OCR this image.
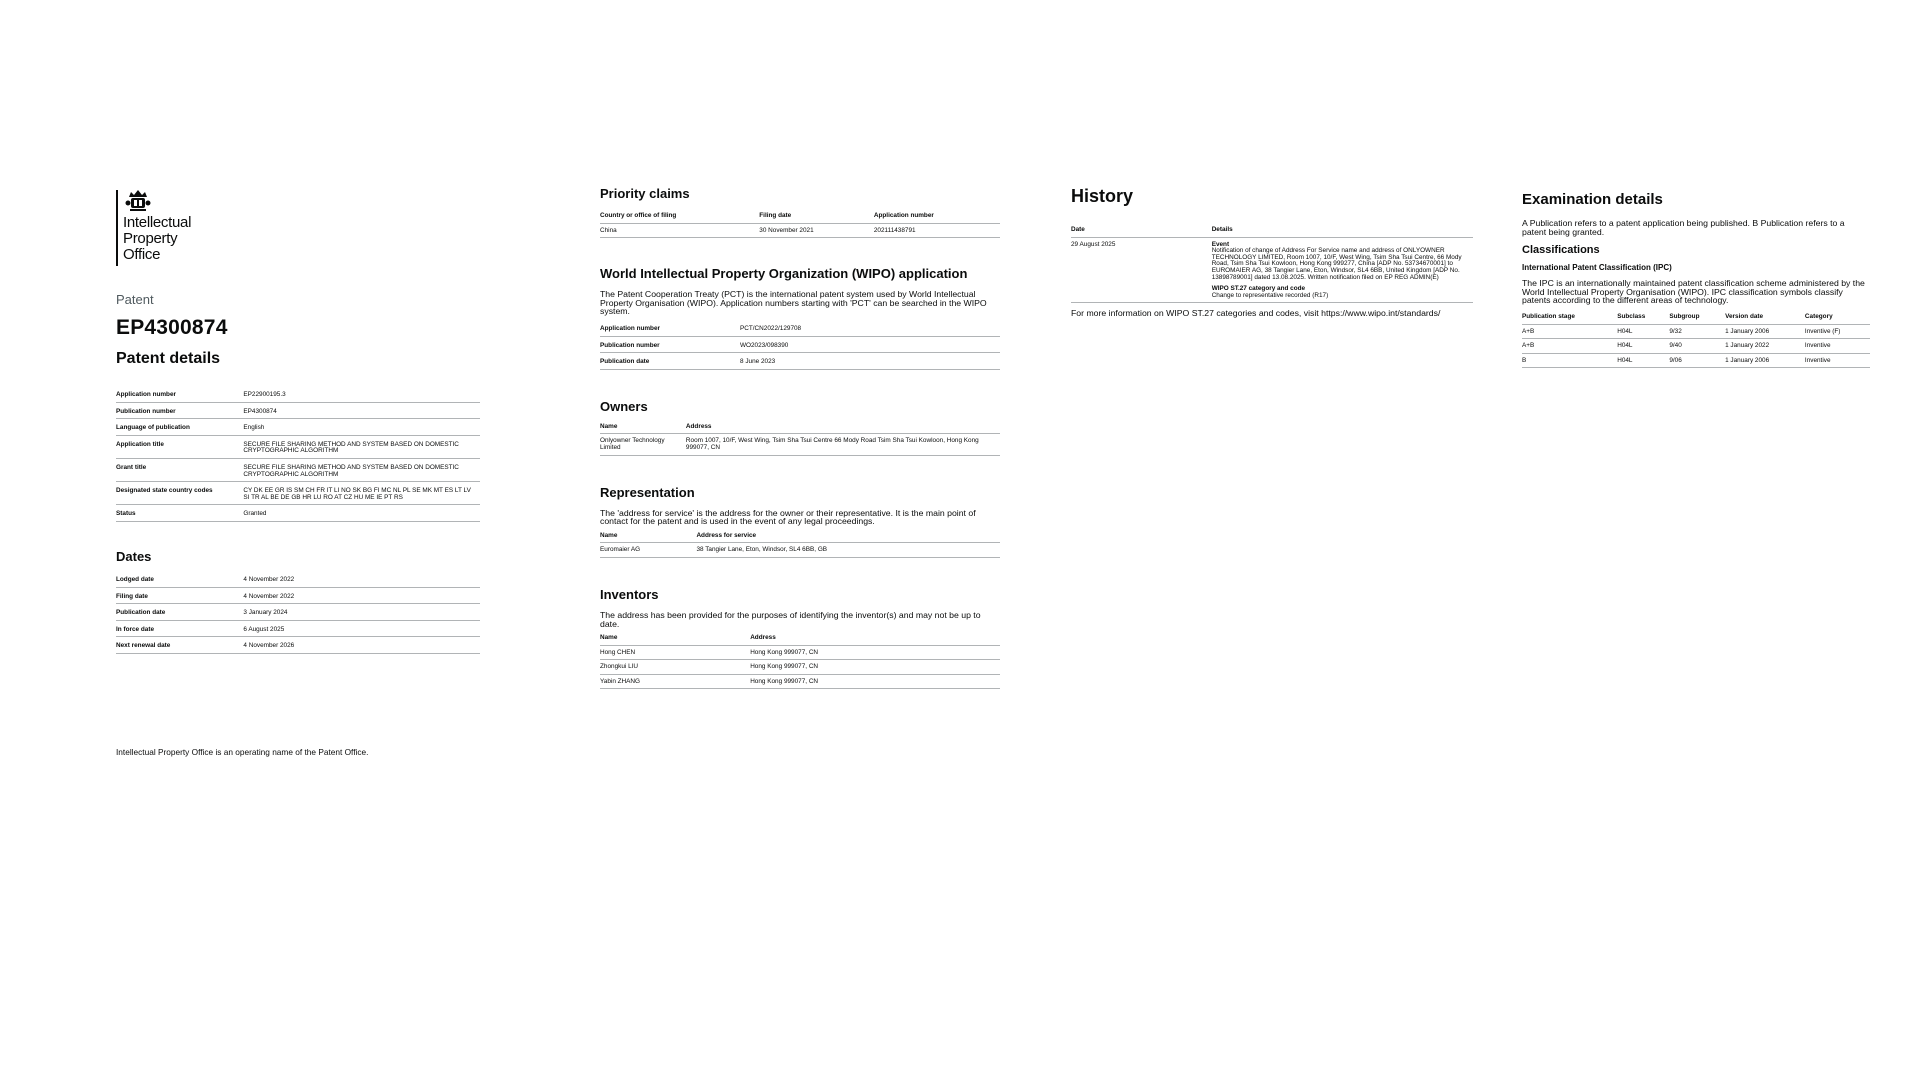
Intellectual
Property
Office
Patent
EP4300874
Patent details
Application number	EP22900195.3
Publication number	EP4300874
Language of publication	English
Application title	SECURE FILE SHARING METHOD AND SYSTEM BASED ON DOMESTIC CRYPTOGRAPHIC ALGORITHM
Grant title	SECURE FILE SHARING METHOD AND SYSTEM BASED ON DOMESTIC CRYPTOGRAPHIC ALGORITHM
Designated state country codes	CY DK EE GR IS SM CH FR IT LI NO SK BG FI MC NL PL SE MK MT ES LT LV SI TR AL BE DE GB HR LU RO AT CZ HU ME IE PT RS
Status	Granted
Dates
Lodged date	4 November 2022
Filing date	4 November 2022
Publication date	3 January 2024
In force date	6 August 2025
Next renewal date	4 November 2026
Intellectual Property Office is an operating name of the Patent Office.
Priority claims
Country or office of filing	Filing date	Application number
China	30 November 2021	202111438791
World Intellectual Property Organization (WIPO) application

The Patent Cooperation Treaty (PCT) is the international patent system used by World Intellectual Property Organisation (WIPO). Application numbers starting with 'PCT' can be searched in the WIPO system.

Application number	PCT/CN2022/129708
Publication number	WO2023/098390
Publication date	8 June 2023
Owners
Name	Address
Onlyowner Technology Limited	Room 1007, 10/F, West Wing, Tsim Sha Tsui Centre 66 Mody Road Tsim Sha Tsui Kowloon, Hong Kong 999077, CN
Representation

The 'address for service' is the address for the owner or their representative. It is the main point of contact for the patent and is used in the event of any legal proceedings.

Name	Address for service
Euromaier AG	38 Tangier Lane, Eton, Windsor, SL4 6BB, GB
Inventors

The address has been provided for the purposes of identifying the inventor(s) and may not be up to date.

Name	Address
Hong CHEN	Hong Kong 999077, CN
Zhongkui LIU	Hong Kong 999077, CN
Yabin ZHANG	Hong Kong 999077, CN
History
Date	Details
29 August 2025	Event
Notification of change of Address For Service name and address of ONLYOWNER TECHNOLOGY LIMITED, Room 1007, 10/F, West Wing, Tsim Sha Tsui Centre, 66 Mody Road, Tsim Sha Tsui Kowloon, Hong Kong 999277, China [ADP No. 53734670001] to EUROMAIER AG, 38 Tangier Lane, Eton, Windsor, SL4 6BB, United Kingdom [ADP No. 13898789001] dated 13.08.2025. Written notification filed on EP REG ADMIN(E)
WIPO ST.27 category and code
Change to representative recorded (R17)

For more information on WIPO ST.27 categories and codes, visit https://www.wipo.int/standards/

Examination details

A Publication refers to a patent application being published. B Publication refers to a patent being granted.

Classifications
International Patent Classification (IPC)

The IPC is an internationally maintained patent classification scheme administered by the World Intellectual Property Organisation (WIPO). IPC classification symbols classify patents according to the different areas of technology.

Publication stage	Subclass	Subgroup	Version date	Category
A+B	H04L	9/32	1 January 2006	Inventive (F)
A+B	H04L	9/40	1 January 2022	Inventive
B	H04L	9/06	1 January 2006	Inventive
